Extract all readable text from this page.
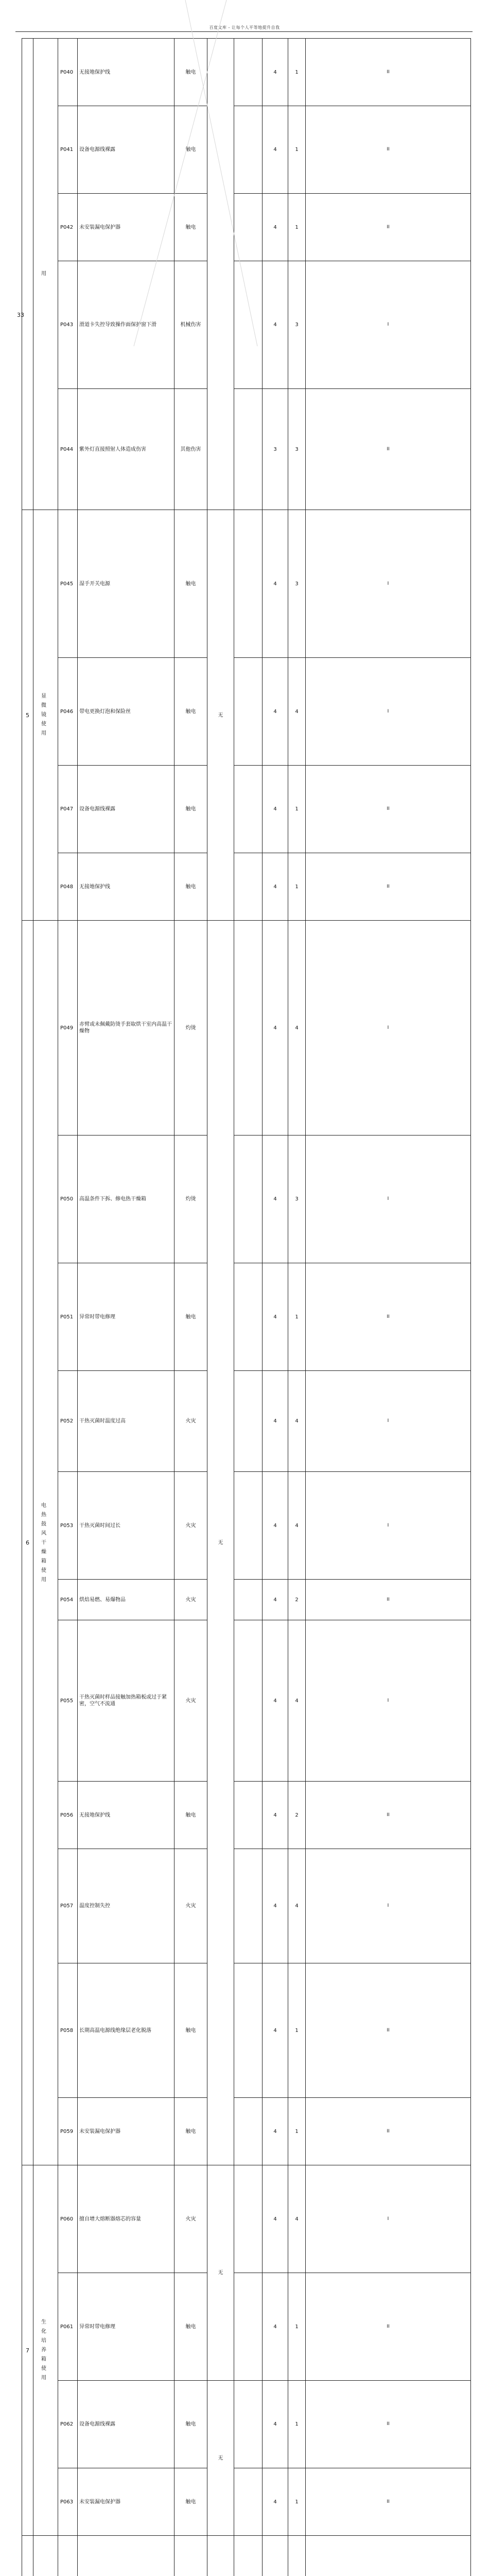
百度文库 - 让每个人平等地提升自我
	用	P040	无接地保护线	触电			4	1	II	
		P041	设备电源线裸露	触电			4	1	II	
		P042	未安装漏电保护器	触电			4	1	II	
		P043	滑道卡失控导致操作面保护窗下滑	机械伤害			4	3	I	
		P044	紫外灯直接照射人体造成伤害	其他伤害			3	3	II	
5	显微镜使用	P045	湿手开关电源	触电	无		4	3	I	
		P046	带电更换灯泡和保险丝	触电			4	4	I	
		P047	设备电源线裸露	触电			4	1	II	
		P048	无接地保护线	触电			4	1	II	
6	电热鼓风干燥箱使用	P049	赤臂或未佩戴防烫手套取烘干室内高温干燥物	灼烫	无		4	4	I	
		P050	高温条件下拆、修电热干燥箱	灼烫			4	3	I	
		P051	异常时带电修理	触电			4	1	II	
		P052	干热灭菌时温度过高	火灾			4	4	I	
		P053	干热灭菌时间过长	火灾			4	4	I	
		P054	烘焙易燃、易爆物品	火灾			4	2	II	
		P055	干热灭菌时样品接触加热箱板或过于紧密，空气不流通	火灾			4	4	I	
		P056	无接地保护线	触电			4	2	II	
		P057	温度控制失控	火灾			4	4	I	
		P058	长期高温电源线绝缘层老化脱落	触电			4	1	II	
		P059	未安装漏电保护器	触电			4	1	II	
7	生化培养箱使用	P060	擅自增大熔断器熔芯的容量	火灾	无		4	4	I	
		P061	异常时带电修理	触电			4	1	II	
		P062	设备电源线裸露	触电	无		4	1	II	
		P063	未安装漏电保护器	触电			4	1	II	

33
